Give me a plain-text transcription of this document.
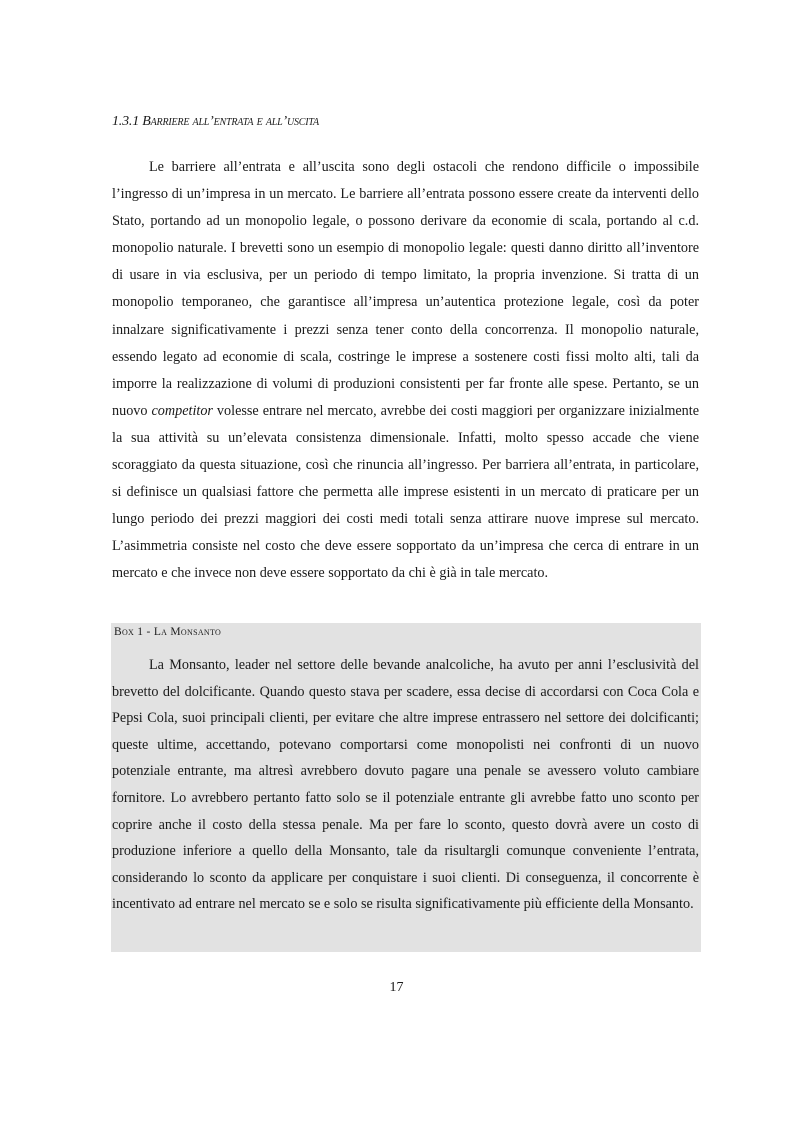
1.3.1 Barriere all’entrata e all’uscita

Le barriere all’entrata e all’uscita sono degli ostacoli che rendono difficile o impossibile l’ingresso di un’impresa in un mercato. Le barriere all’entrata possono essere create da interventi dello Stato, portando ad un monopolio legale, o possono derivare da economie di scala, portando al c.d. monopolio naturale. I brevetti sono un esempio di monopolio legale: questi danno diritto all’inventore di usare in via esclusiva, per un periodo di tempo limitato, la propria invenzione. Si tratta di un monopolio temporaneo, che garantisce all’impresa un’autentica protezione legale, così da poter innalzare significativamente i prezzi senza tener conto della concorrenza. Il monopolio naturale, essendo legato ad economie di scala, costringe le imprese a sostenere costi fissi molto alti, tali da imporre la realizzazione di volumi di produzioni consistenti per far fronte alle spese. Pertanto, se un nuovo competitor volesse entrare nel mercato, avrebbe dei costi maggiori per organizzare inizialmente la sua attività su un’elevata consistenza dimensionale. Infatti, molto spesso accade che viene scoraggiato da questa situazione, così che rinuncia all’ingresso. Per barriera all’entrata, in particolare, si definisce un qualsiasi fattore che permetta alle imprese esistenti in un mercato di praticare per un lungo periodo dei prezzi maggiori dei costi medi totali senza attirare nuove imprese sul mercato. L’asimmetria consiste nel costo che deve essere sopportato da un’impresa che cerca di entrare in un mercato e che invece non deve essere sopportato da chi è già in tale mercato.

Box 1 - La Monsanto

La Monsanto, leader nel settore delle bevande analcoliche, ha avuto per anni l’esclusività del brevetto del dolcificante. Quando questo stava per scadere, essa decise di accordarsi con Coca Cola e Pepsi Cola, suoi principali clienti, per evitare che altre imprese entrassero nel settore dei dolcificanti; queste ultime, accettando, potevano comportarsi come monopolisti nei confronti di un nuovo potenziale entrante, ma altresì avrebbero dovuto pagare una penale se avessero voluto cambiare fornitore. Lo avrebbero pertanto fatto solo se il potenziale entrante gli avrebbe fatto uno sconto per coprire anche il costo della stessa penale. Ma per fare lo sconto, questo dovrà avere un costo di produzione inferiore a quello della Monsanto, tale da risultargli comunque conveniente l’entrata, considerando lo sconto da applicare per conquistare i suoi clienti. Di conseguenza, il concorrente è incentivato ad entrare nel mercato se e solo se risulta significativamente più efficiente della Monsanto.

17
